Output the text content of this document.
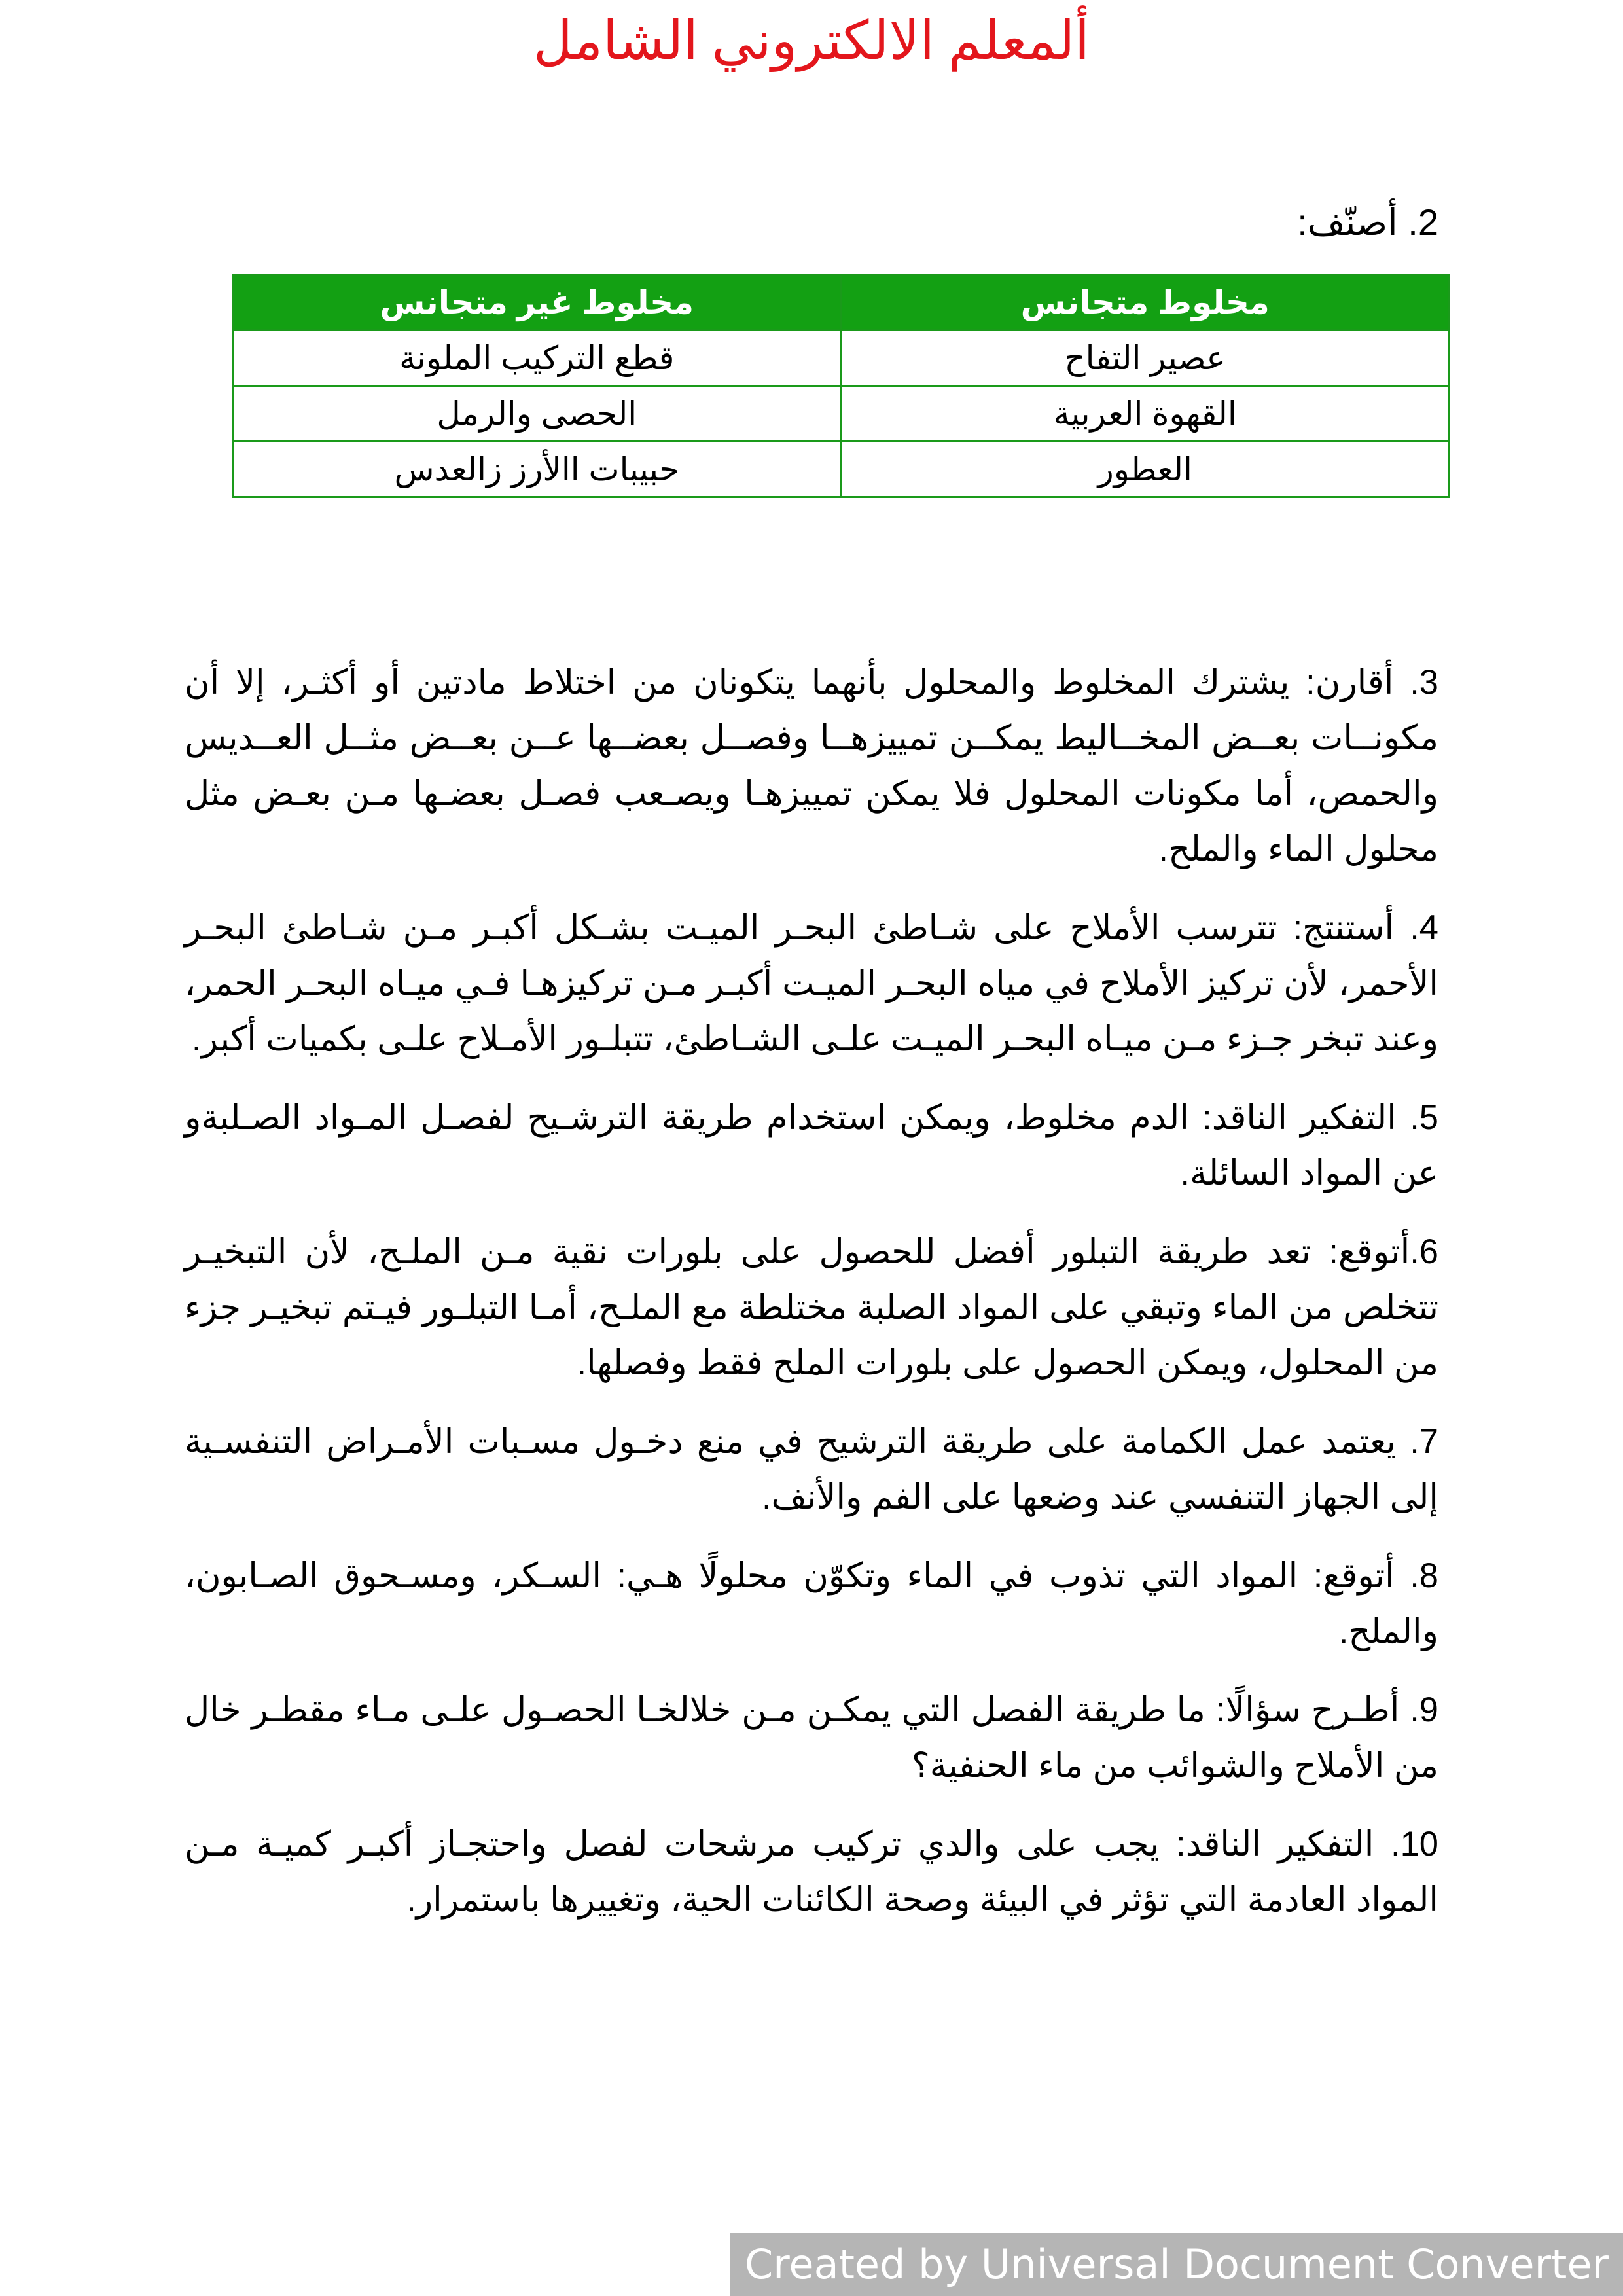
ألمعلم الالكتروني الشامل
2. أصنّف:
مخلوط متجانس	مخلوط غير متجانس
عصير التفاح	قطع التركيب الملونة
القهوة العربية	الحصى والرمل
العطور	حبيبات االأرز زالعدس

3. أقارن: يشترك المخلوط والمحلول بأنهما يتكونان من اختلاط مادتين أو أكثـر، إلا أن مكونــات بعــض المخــاليط يمكــن تمييزهــا وفصــل بعضــها عــن بعــض مثــل العــديس والحمص، أما مكونات المحلول فلا يمكن تمييزهـا ويصـعب فصـل بعضـها مـن بعـض مثل محلول الماء والملح.

4. أستنتج: تترسب الأملاح على شـاطئ البحـر الميـت بشـكل أكبـر مـن شـاطئ البحـر الأحمر، لأن تركيز الأملاح في مياه البحـر الميـت أكبـر مـن تركيزهـا فـي ميـاه البحـر الحمر، وعند تبخر جـزء مـن ميـاه البحـر الميـت علـى الشـاطئ، تتبلـور الأمـلاح علـى بكميات أكبر.

5. التفكير الناقد: الدم مخلوط، ويمكن استخدام طريقة الترشـيح لفصـل المـواد الصـلبةو عن المواد السائلة.

6.أتوقع: تعد طريقة التبلور أفضل للحصول على بلورات نقية مـن الملـح، لأن التبخيـر تتخلص من الماء وتبقي على المواد الصلبة مختلطة مع الملـح، أمـا التبلـور فيـتم تبخيـر جزء من المحلول، ويمكن الحصول على بلورات الملح فقط وفصلها.

7. يعتمد عمل الكمامة على طريقة الترشيح في منع دخـول مسـبات الأمـراض التنفسـية إلى الجهاز التنفسي عند وضعها على الفم والأنف.

8. أتوقع: المواد التي تذوب في الماء وتكوّن محلولًا هـي: السـكر، ومسـحوق الصـابون، والملح.

9. أطـرح سؤالًا: ما طريقة الفصل التي يمكـن مـن خلالخـا الحصـول علـى مـاء مقطـر خال من الأملاح والشوائب من ماء الحنفية؟

10. التفكير الناقد: يجب على والدي تركيب مرشحات لفصل واحتجـاز أكبـر كميـة مـن المواد العادمة التي تؤثر في البيئة وصحة الكائنات الحية، وتغييرها باستمرار.

Created by Universal Document Converter
